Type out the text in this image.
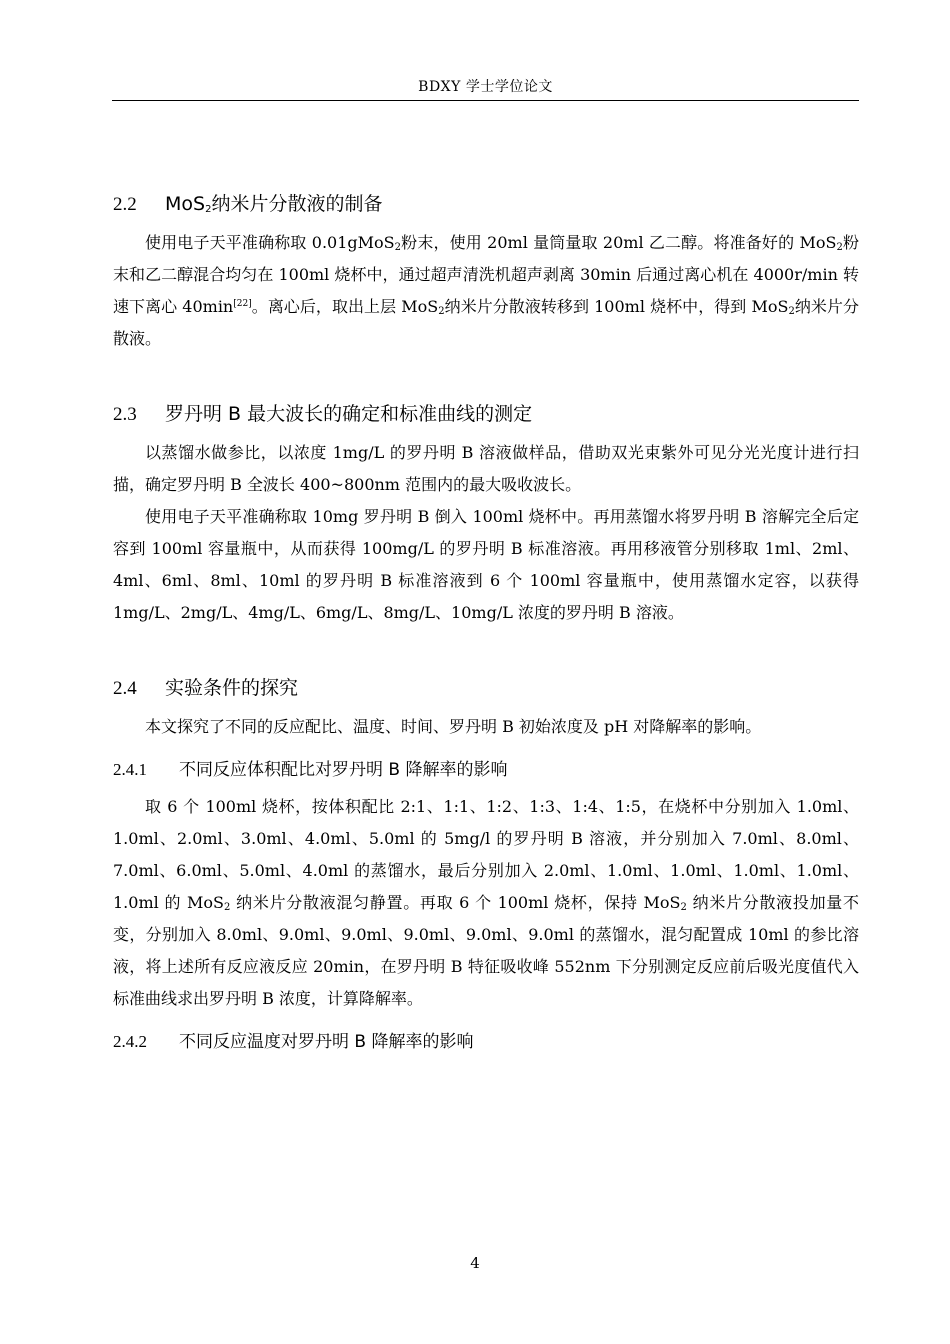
BDXY 学士学位论文
2.2 MoS$_2$纳米片分散液的制备

使用电子天平准确称取 0.01gMoS$_2$粉末，使用 20ml 量筒量取 20ml 乙二醇。将准备好的 MoS$_2$粉末和乙二醇混合均匀在 100ml 烧杯中，通过超声清洗机超声剥离 30min 后通过离心机在 4000r/min 转速下离心 40min[22]。离心后，取出上层 MoS$_2$纳米片分散液转移到 100ml 烧杯中，得到 MoS$_2$纳米片分散液。

2.3 罗丹明 B 最大波长的确定和标准曲线的测定

以蒸馏水做参比，以浓度 1mg/L 的罗丹明 B 溶液做样品，借助双光束紫外可见分光光度计进行扫描，确定罗丹明 B 全波长 400~800nm 范围内的最大吸收波长。

使用电子天平准确称取 10mg 罗丹明 B 倒入 100ml 烧杯中。再用蒸馏水将罗丹明 B 溶解完全后定容到 100ml 容量瓶中，从而获得 100mg/L 的罗丹明 B 标准溶液。再用移液管分别移取 1ml、2ml、4ml、6ml、8ml、10ml 的罗丹明 B 标准溶液到 6 个 100ml 容量瓶中，使用蒸馏水定容，以获得 1mg/L、2mg/L、4mg/L、6mg/L、8mg/L、10mg/L 浓度的罗丹明 B 溶液。

2.4 实验条件的探究

本文探究了不同的反应配比、温度、时间、罗丹明 B 初始浓度及 pH 对降解率的影响。

2.4.1 不同反应体积配比对罗丹明 B 降解率的影响

取 6 个 100ml 烧杯，按体积配比 2:1、1:1、1:2、1:3、1:4、1:5，在烧杯中分别加入 1.0ml、1.0ml、2.0ml、3.0ml、4.0ml、5.0ml 的 5mg/l 的罗丹明 B 溶液，并分别加入 7.0ml、8.0ml、7.0ml、6.0ml、5.0ml、4.0ml 的蒸馏水，最后分别加入 2.0ml、1.0ml、1.0ml、1.0ml、1.0ml、1.0ml 的 MoS$_2$ 纳米片分散液混匀静置。再取 6 个 100ml 烧杯，保持 MoS$_2$ 纳米片分散液投加量不变，分别加入 8.0ml、9.0ml、9.0ml、9.0ml、9.0ml、9.0ml 的蒸馏水，混匀配置成 10ml 的参比溶液，将上述所有反应液反应 20min，在罗丹明 B 特征吸收峰 552nm 下分别测定反应前后吸光度值代入标准曲线求出罗丹明 B 浓度，计算降解率。

2.4.2 不同反应温度对罗丹明 B 降解率的影响
4
